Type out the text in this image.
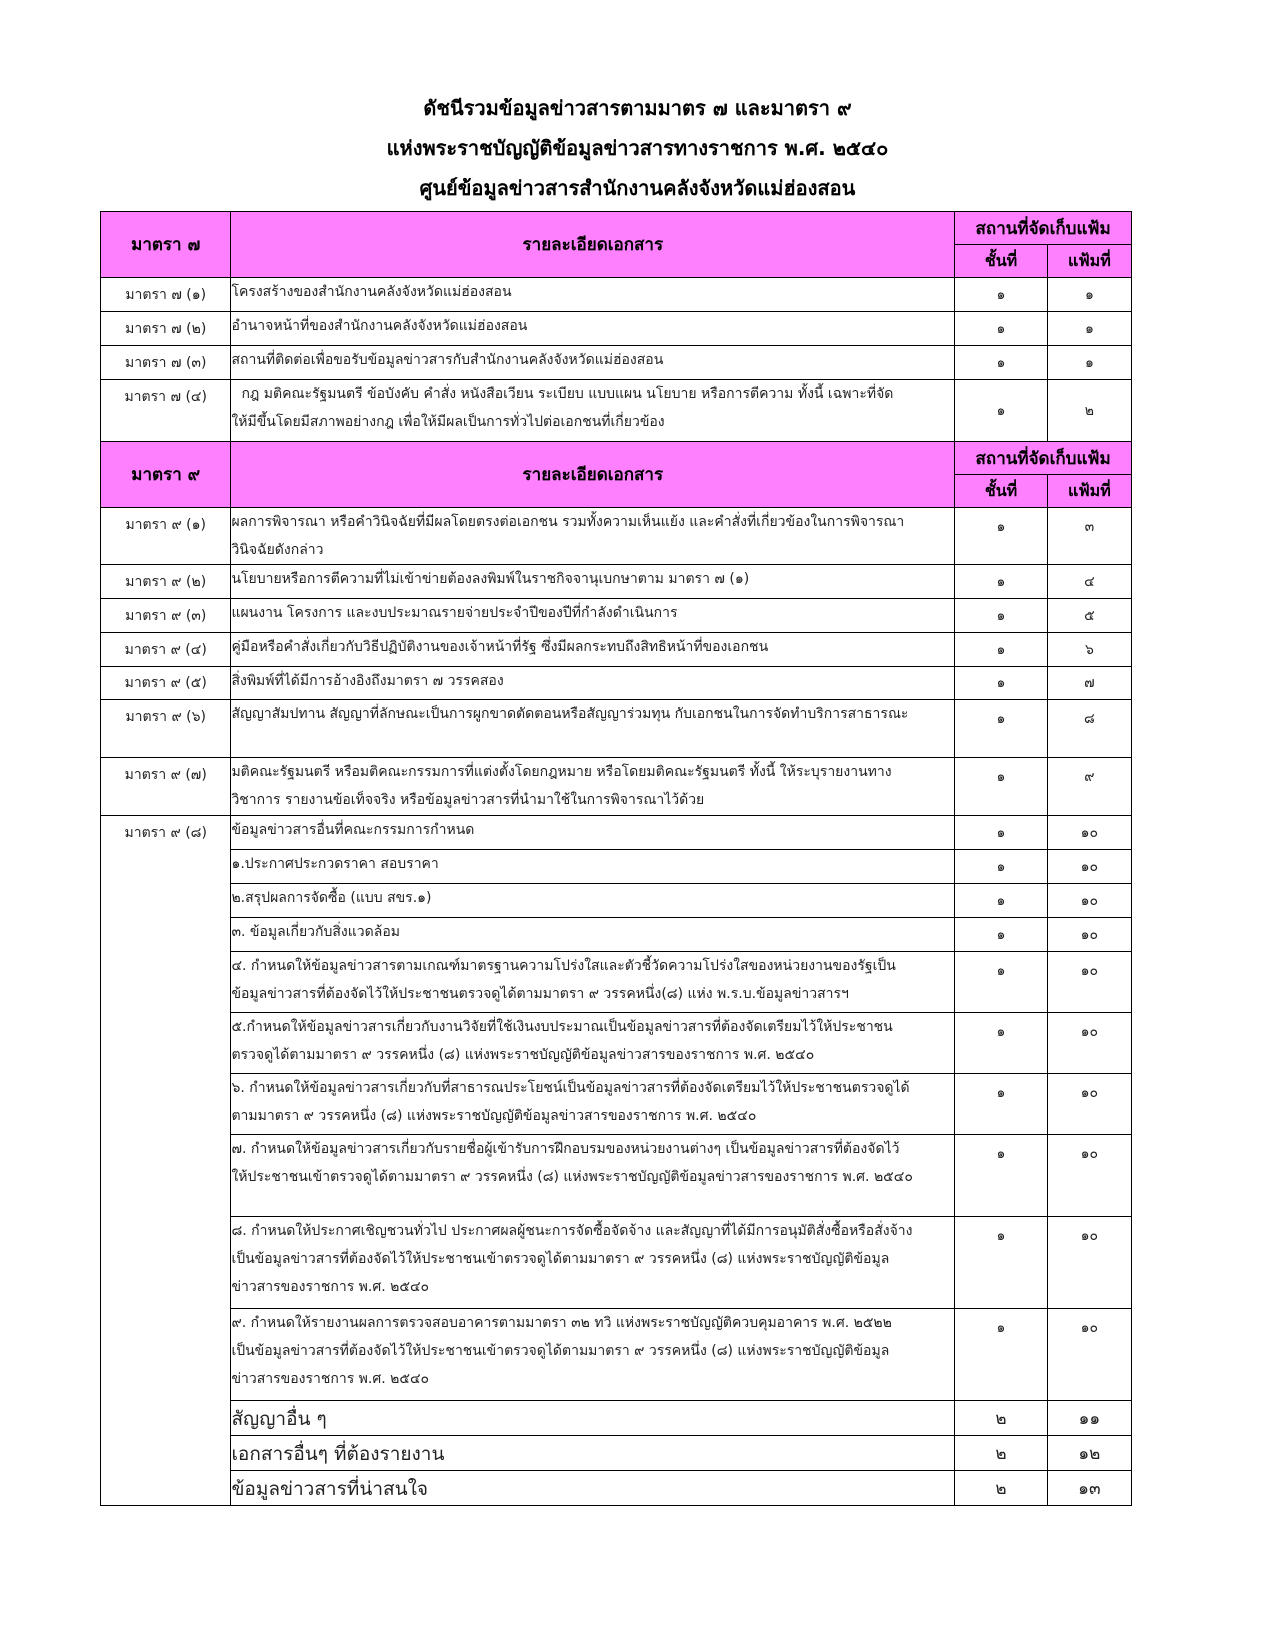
ดัชนีรวมข้อมูลข่าวสารตามมาตร ๗ และมาตรา ๙
แห่งพระราชบัญญัติข้อมูลข่าวสารทางราชการ พ.ศ. ๒๕๔๐
ศูนย์ข้อมูลข่าวสารสำนักงานคลังจังหวัดแม่ฮ่องสอน
มาตรา ๗	รายละเอียดเอกสาร	สถานที่จัดเก็บแฟ้ม	
		ชั้นที่	แฟ้มที่
มาตรา ๗ (๑)	โครงสร้างของสำนักงานคลังจังหวัดแม่ฮ่องสอน	๑	๑
มาตรา ๗ (๒)	อำนาจหน้าที่ของสำนักงานคลังจังหวัดแม่ฮ่องสอน	๑	๑
มาตรา ๗ (๓)	สถานที่ติดต่อเพื่อขอรับข้อมูลข่าวสารกับสำนักงานคลังจังหวัดแม่ฮ่องสอน	๑	๑
มาตรา ๗ (๔)	กฎ มติคณะรัฐมนตรี ข้อบังคับ คำสั่ง หนังสือเวียน ระเบียบ แบบแผน นโยบาย หรือการตีความ ทั้งนี้ เฉพาะที่จัด
ให้มีขึ้นโดยมีสภาพอย่างกฎ เพื่อให้มีผลเป็นการทั่วไปต่อเอกชนที่เกี่ยวข้อง	๑	๒
มาตรา ๙	รายละเอียดเอกสาร	สถานที่จัดเก็บแฟ้ม	
		ชั้นที่	แฟ้มที่
มาตรา ๙ (๑)	ผลการพิจารณา หรือคำวินิจฉัยที่มีผลโดยตรงต่อเอกชน รวมทั้งความเห็นแย้ง และคำสั่งที่เกี่ยวข้องในการพิจารณา
วินิจฉัยดังกล่าว	๑	๓
มาตรา ๙ (๒)	นโยบายหรือการตีความที่ไม่เข้าข่ายต้องลงพิมพ์ในราชกิจจานุเบกษาตาม มาตรา ๗ (๑)	๑	๔
มาตรา ๙ (๓)	แผนงาน โครงการ และงบประมาณรายจ่ายประจำปีของปีที่กำลังดำเนินการ	๑	๕
มาตรา ๙ (๔)	คู่มือหรือคำสั่งเกี่ยวกับวิธีปฏิบัติงานของเจ้าหน้าที่รัฐ ซึ่งมีผลกระทบถึงสิทธิหน้าที่ของเอกชน	๑	๖
มาตรา ๙ (๕)	สิ่งพิมพ์ที่ได้มีการอ้างอิงถึงมาตรา ๗ วรรคสอง	๑	๗
มาตรา ๙ (๖)	สัญญาสัมปทาน สัญญาที่ลักษณะเป็นการผูกขาดตัดตอนหรือสัญญาร่วมทุน กับเอกชนในการจัดทำบริการสาธารณะ	๑	๘
มาตรา ๙ (๗)	มติคณะรัฐมนตรี หรือมติคณะกรรมการที่แต่งตั้งโดยกฎหมาย หรือโดยมติคณะรัฐมนตรี ทั้งนี้ ให้ระบุรายงานทาง
วิชาการ รายงานข้อเท็จจริง หรือข้อมูลข่าวสารที่นำมาใช้ในการพิจารณาไว้ด้วย	๑	๙
มาตรา ๙ (๘)	ข้อมูลข่าวสารอื่นที่คณะกรรมการกำหนด	๑	๑๐
	๑.ประกาศประกวดราคา สอบราคา	๑	๑๐
	๒.สรุปผลการจัดซื้อ (แบบ สขร.๑)	๑	๑๐
	๓. ข้อมูลเกี่ยวกับสิ่งแวดล้อม	๑	๑๐

	๔. กำหนดให้ข้อมูลข่าวสารตามเกณฑ์มาตรฐานความโปร่งใสและตัวชี้วัดความโปร่งใสของหน่วยงานของรัฐเป็น
ข้อมูลข่าวสารที่ต้องจัดไว้ให้ประชาชนตรวจดูได้ตามมาตรา ๙ วรรคหนึ่ง(๘) แห่ง พ.ร.บ.ข้อมูลข่าวสารฯ	๑	๑๐

	๕.กำหนดให้ข้อมูลข่าวสารเกี่ยวกับงานวิจัยที่ใช้เงินงบประมาณเป็นข้อมูลข่าวสารที่ต้องจัดเตรียมไว้ให้ประชาชน
ตรวจดูได้ตามมาตรา ๙ วรรคหนึ่ง (๘) แห่งพระราชบัญญัติข้อมูลข่าวสารของราชการ พ.ศ. ๒๕๔๐	๑	๑๐

	๖. กำหนดให้ข้อมูลข่าวสารเกี่ยวกับที่สาธารณประโยชน์เป็นข้อมูลข่าวสารที่ต้องจัดเตรียมไว้ให้ประชาชนตรวจดูได้
ตามมาตรา ๙ วรรคหนึ่ง (๘) แห่งพระราชบัญญัติข้อมูลข่าวสารของราชการ พ.ศ. ๒๕๔๐	๑	๑๐

	๗. กำหนดให้ข้อมูลข่าวสารเกี่ยวกับรายชื่อผู้เข้ารับการฝึกอบรมของหน่วยงานต่างๆ เป็นข้อมูลข่าวสารที่ต้องจัดไว้
ให้ประชาชนเข้าตรวจดูได้ตามมาตรา ๙ วรรคหนึ่ง (๘) แห่งพระราชบัญญัติข้อมูลข่าวสารของราชการ พ.ศ. ๒๕๔๐	๑	๑๐

	๘. กำหนดให้ประกาศเชิญชวนทั่วไป ประกาศผลผู้ชนะการจัดซื้อจัดจ้าง และสัญญาที่ได้มีการอนุมัติสั่งซื้อหรือสั่งจ้าง
เป็นข้อมูลข่าวสารที่ต้องจัดไว้ให้ประชาชนเข้าตรวจดูได้ตามมาตรา ๙ วรรคหนึ่ง (๘) แห่งพระราชบัญญัติข้อมูล
ข่าวสารของราชการ พ.ศ. ๒๕๔๐	๑	๑๐

	๙. กำหนดให้รายงานผลการตรวจสอบอาคารตามมาตรา ๓๒ ทวิ แห่งพระราชบัญญัติควบคุมอาคาร พ.ศ. ๒๕๒๒
เป็นข้อมูลข่าวสารที่ต้องจัดไว้ให้ประชาชนเข้าตรวจดูได้ตามมาตรา ๙ วรรคหนึ่ง (๘) แห่งพระราชบัญญัติข้อมูล
ข่าวสารของราชการ พ.ศ. ๒๕๔๐	๑	๑๐
	สัญญาอื่น ๆ	๒	๑๑
	เอกสารอื่นๆ ที่ต้องรายงาน	๒	๑๒
	ข้อมูลข่าวสารที่น่าสนใจ	๒	๑๓
